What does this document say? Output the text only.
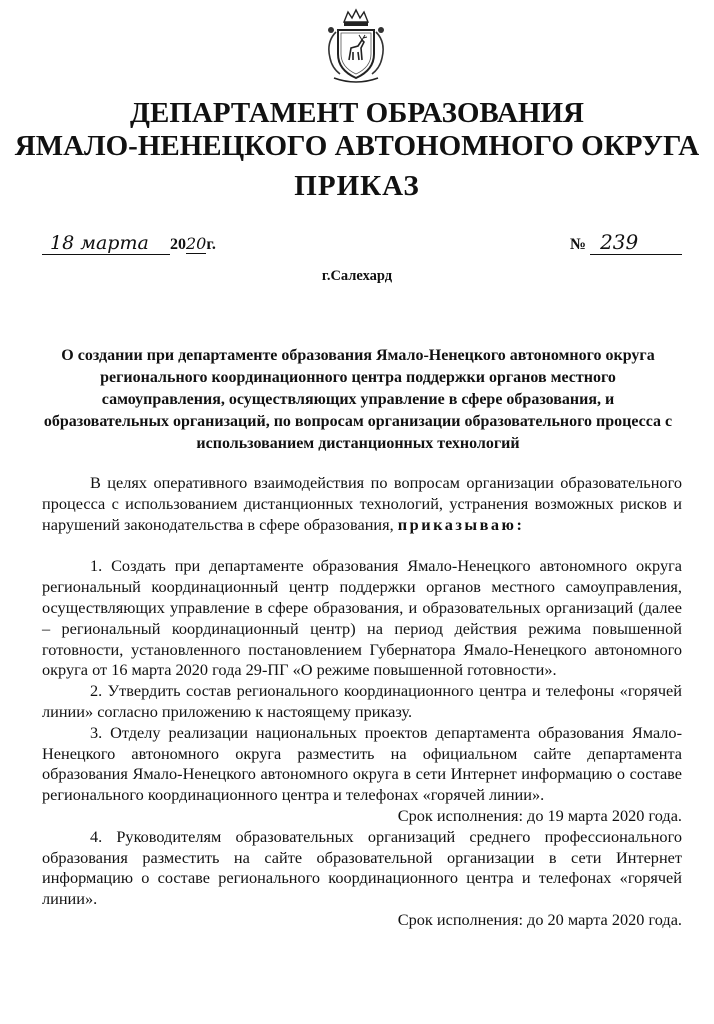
ДЕПАРТАМЕНТ ОБРАЗОВАНИЯ
ЯМАЛО-НЕНЕЦКОГО АВТОНОМНОГО ОКРУГА
ПРИКАЗ
18 марта 2020г.	№ 239
г.Салехард
О создании при департаменте образования Ямало-Ненецкого автономного округа регионального координационного центра поддержки органов местного самоуправления, осуществляющих управление в сфере образования, и образовательных организаций, по вопросам организации образовательного процесса с использованием дистанционных технологий

В целях оперативного взаимодействия по вопросам организации образовательного процесса с использованием дистанционных технологий, устранения возможных рисков и нарушений законодательства в сфере образования, приказываю:

1. Создать при департаменте образования Ямало-Ненецкого автономного округа региональный координационный центр поддержки органов местного самоуправления, осуществляющих управление в сфере образования, и образовательных организаций (далее – региональный координационный центр) на период действия режима повышенной готовности, установленного постановлением Губернатора Ямало-Ненецкого автономного округа от 16 марта 2020 года 29-ПГ «О режиме повышенной готовности».

2. Утвердить состав регионального координационного центра и телефоны «горячей линии» согласно приложению к настоящему приказу.

3. Отделу реализации национальных проектов департамента образования Ямало-Ненецкого автономного округа разместить на официальном сайте департамента образования Ямало-Ненецкого автономного округа в сети Интернет информацию о составе регионального координационного центра и телефонах «горячей линии».

Срок исполнения: до 19 марта 2020 года.

4. Руководителям образовательных организаций среднего профессионального образования разместить на сайте образовательной организации в сети Интернет информацию о составе регионального координационного центра и телефонах «горячей линии».

Срок исполнения: до 20 марта 2020 года.
